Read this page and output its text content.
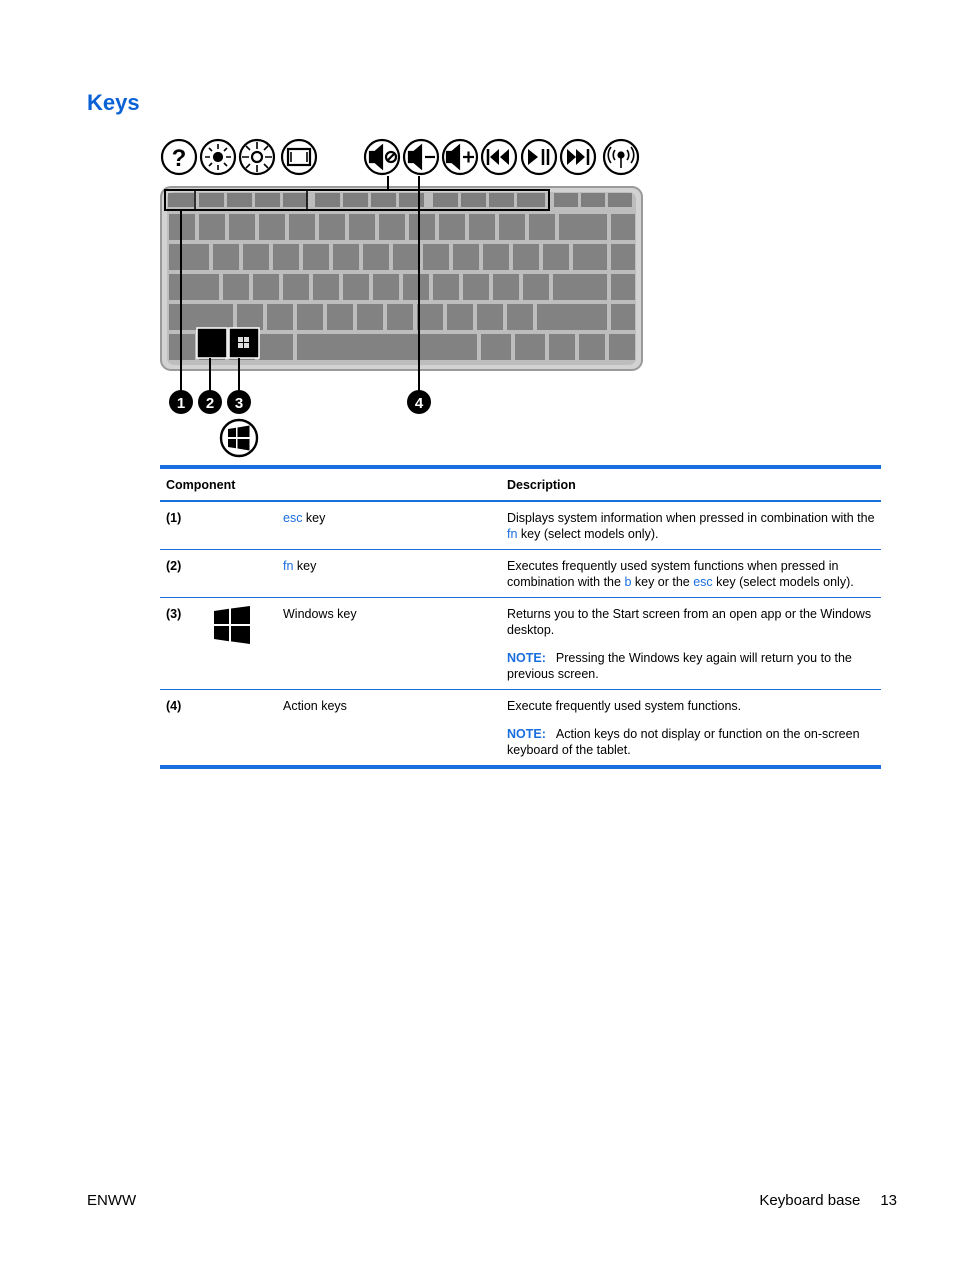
Keys
?
1 2 3	4
Component			Description
(1)		esc key	Displays system information when pressed in combination with the fn key (select models only).

(2)		fn key	Executes frequently used system functions when pressed in combination with the b key or the esc key (select models only).

(3)		Windows key	Returns you to the Start screen from an open app or the Windows desktop.

NOTE: Pressing the Windows key again will return you to the previous screen.

(4)		Action keys	Execute frequently used system functions.

NOTE: Action keys do not display or function on the on-screen keyboard of the tablet.

ENWW	Keyboard base 13
